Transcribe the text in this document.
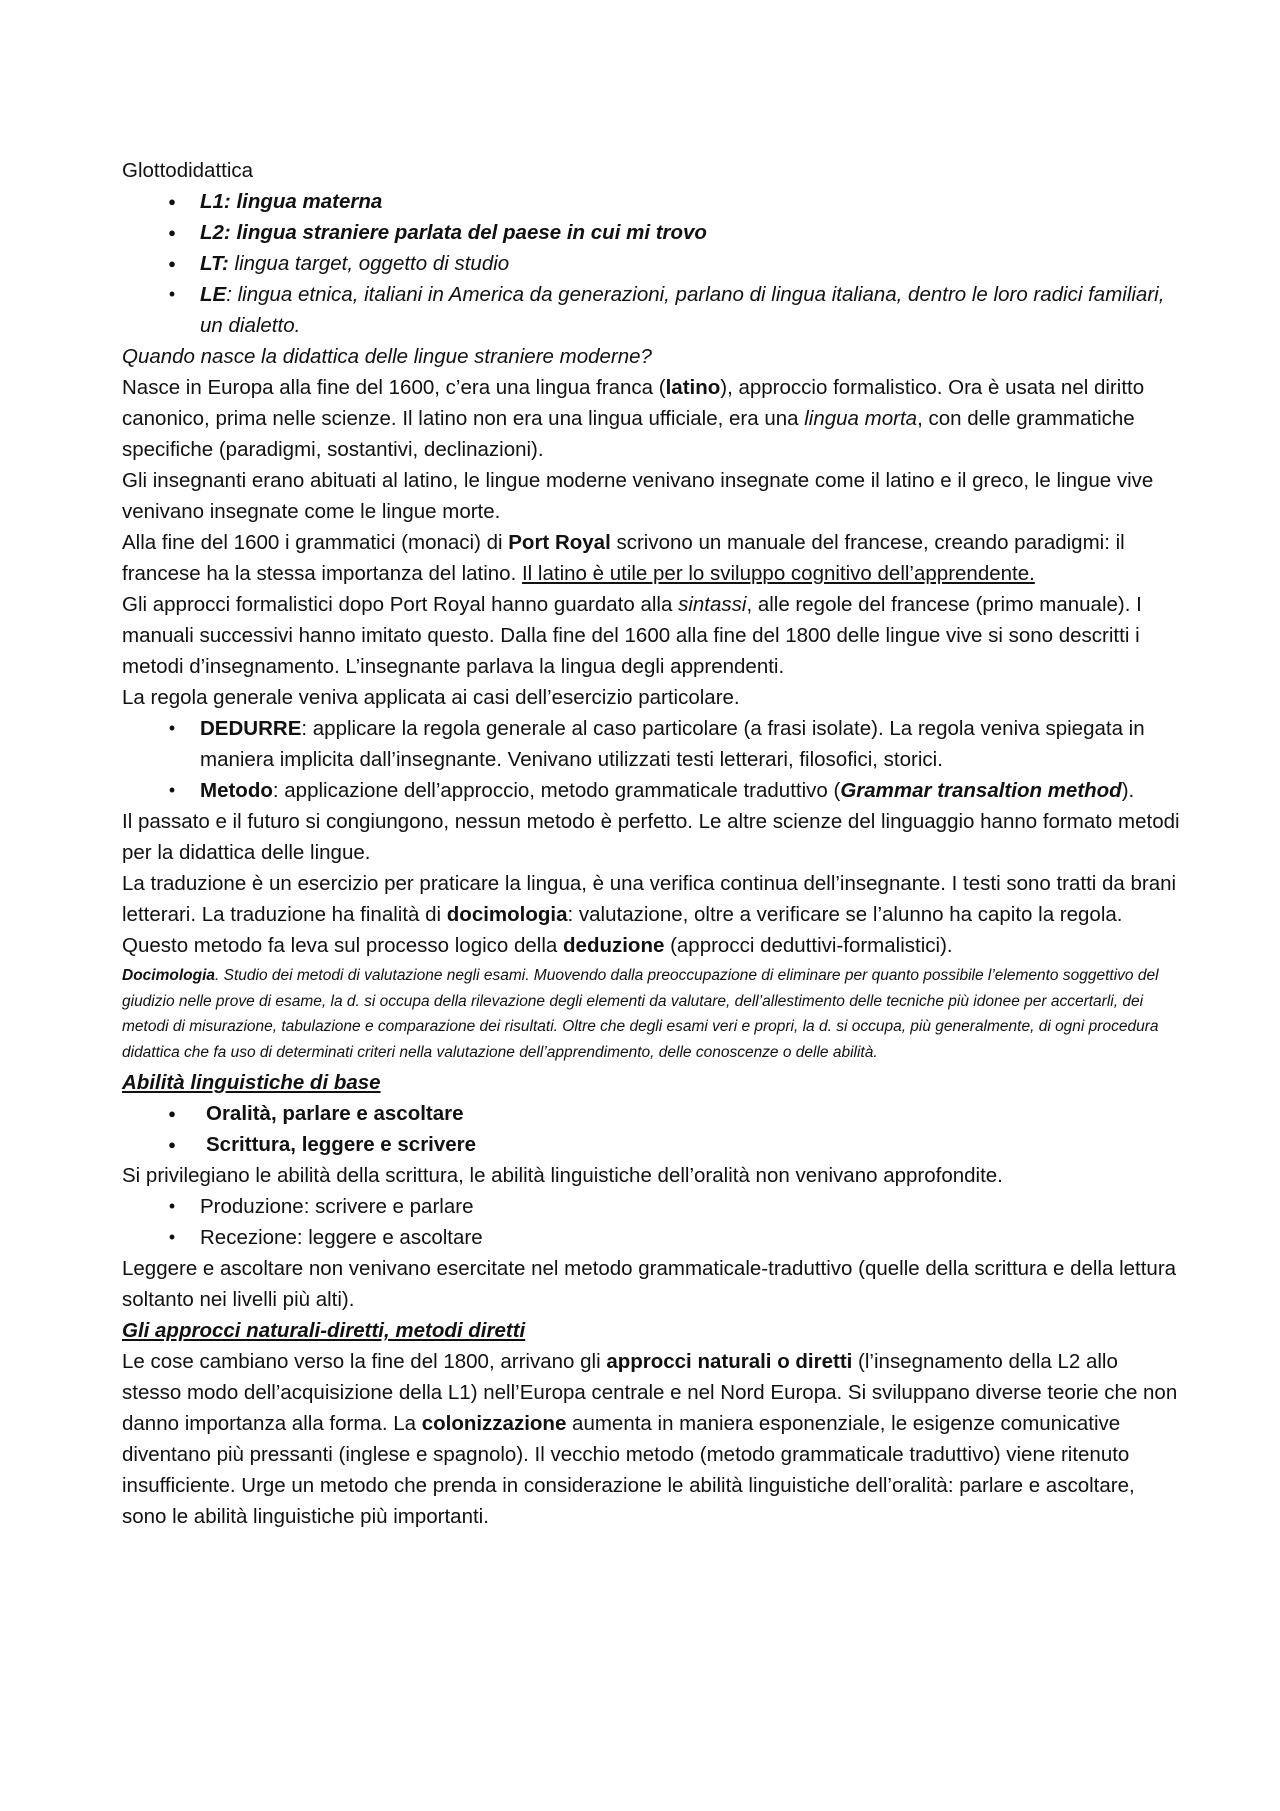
Glottodidattica

● L1: lingua materna
● L2: lingua straniere parlata del paese in cui mi trovo
● LT: lingua target, oggetto di studio
• LE: lingua etnica, italiani in America da generazioni, parlano di lingua italiana, dentro le loro radici familiari, un dialetto.

Quando nasce la didattica delle lingue straniere moderne?

Nasce in Europa alla fine del 1600, c’era una lingua franca (latino), approccio formalistico. Ora è usata nel diritto canonico, prima nelle scienze. Il latino non era una lingua ufficiale, era una lingua morta, con delle grammatiche specifiche (paradigmi, sostantivi, declinazioni).

Gli insegnanti erano abituati al latino, le lingue moderne venivano insegnate come il latino e il greco, le lingue vive venivano insegnate come le lingue morte.

Alla fine del 1600 i grammatici (monaci) di Port Royal scrivono un manuale del francese, creando paradigmi: il francese ha la stessa importanza del latino. Il latino è utile per lo sviluppo cognitivo dell’apprendente.

Gli approcci formalistici dopo Port Royal hanno guardato alla sintassi, alle regole del francese (primo manuale). I manuali successivi hanno imitato questo. Dalla fine del 1600 alla fine del 1800 delle lingue vive si sono descritti i metodi d’insegnamento. L’insegnante parlava la lingua degli apprendenti.

La regola generale veniva applicata ai casi dell’esercizio particolare.

• DEDURRE: applicare la regola generale al caso particolare (a frasi isolate). La regola veniva spiegata in maniera implicita dall’insegnante. Venivano utilizzati testi letterari, filosofici, storici.
• Metodo: applicazione dell’approccio, metodo grammaticale traduttivo (Grammar transaltion method).

Il passato e il futuro si congiungono, nessun metodo è perfetto. Le altre scienze del linguaggio hanno formato metodi per la didattica delle lingue.

La traduzione è un esercizio per praticare la lingua, è una verifica continua dell’insegnante. I testi sono tratti da brani letterari. La traduzione ha finalità di docimologia: valutazione, oltre a verificare se l’alunno ha capito la regola. Questo metodo fa leva sul processo logico della deduzione (approcci deduttivi-formalistici).

Docimologia. Studio dei metodi di valutazione negli esami. Muovendo dalla preoccupazione di eliminare per quanto possibile l’elemento soggettivo del giudizio nelle prove di esame, la d. si occupa della rilevazione degli elementi da valutare, dell’allestimento delle tecniche più idonee per accertarli, dei metodi di misurazione, tabulazione e comparazione dei risultati. Oltre che degli esami veri e propri, la d. si occupa, più generalmente, di ogni procedura didattica che fa uso di determinati criteri nella valutazione dell’apprendimento, delle conoscenze o delle abilità.

Abilità linguistiche di base

● Oralità, parlare e ascoltare
● Scrittura, leggere e scrivere

Si privilegiano le abilità della scrittura, le abilità linguistiche dell’oralità non venivano approfondite.

• Produzione: scrivere e parlare
• Recezione: leggere e ascoltare

Leggere e ascoltare non venivano esercitate nel metodo grammaticale-traduttivo (quelle della scrittura e della lettura soltanto nei livelli più alti).

Gli approcci naturali-diretti, metodi diretti

Le cose cambiano verso la fine del 1800, arrivano gli approcci naturali o diretti (l’insegnamento della L2 allo stesso modo dell’acquisizione della L1) nell’Europa centrale e nel Nord Europa. Si sviluppano diverse teorie che non danno importanza alla forma. La colonizzazione aumenta in maniera esponenziale, le esigenze comunicative diventano più pressanti (inglese e spagnolo). Il vecchio metodo (metodo grammaticale traduttivo) viene ritenuto insufficiente. Urge un metodo che prenda in considerazione le abilità linguistiche dell’oralità: parlare e ascoltare, sono le abilità linguistiche più importanti.
